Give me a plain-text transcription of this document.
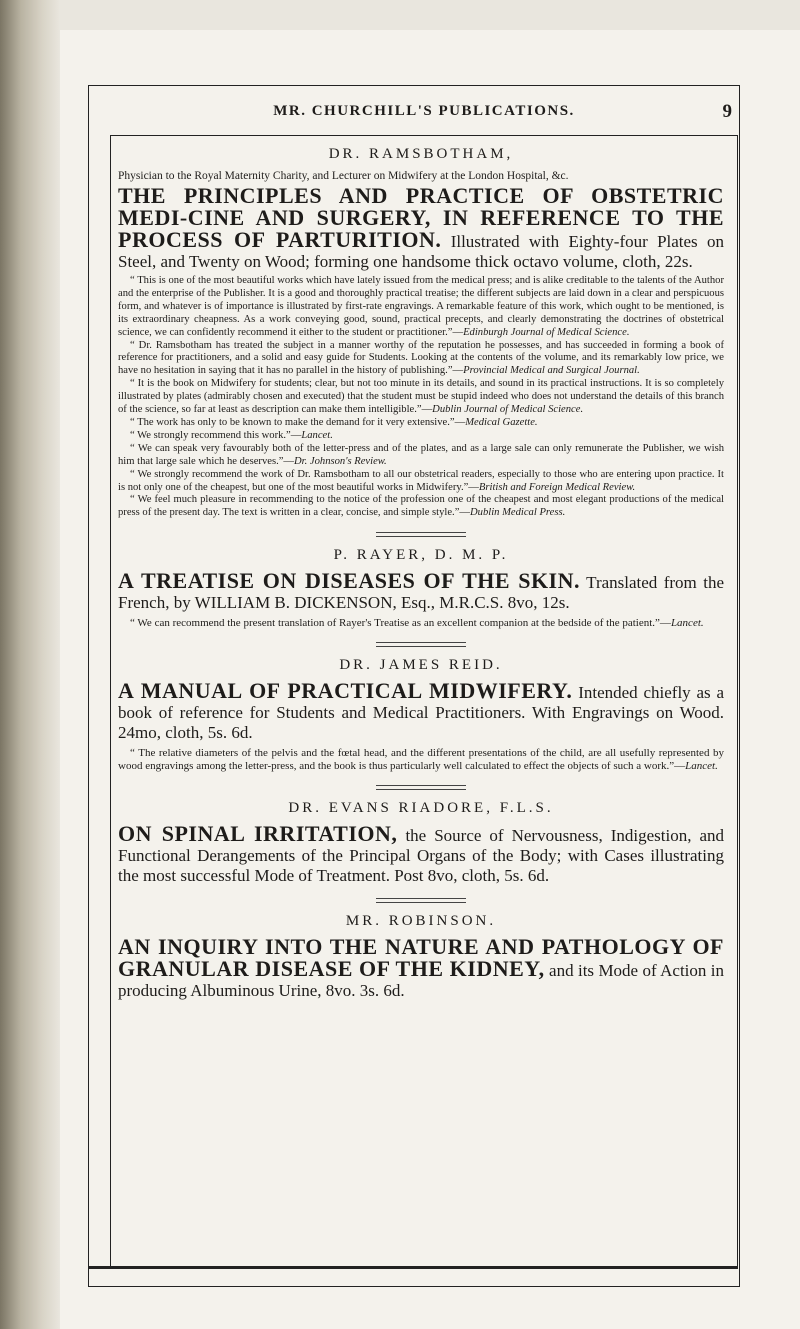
MR. CHURCHILL'S PUBLICATIONS.	9
DR. RAMSBOTHAM,
Physician to the Royal Maternity Charity, and Lecturer on Midwifery at the London Hospital, &c.
THE PRINCIPLES AND PRACTICE OF OBSTETRIC MEDI-CINE AND SURGERY, IN REFERENCE TO THE PROCESS OF PARTURITION. Illustrated with Eighty-four Plates on Steel, and Twenty on Wood; forming one handsome thick octavo volume, cloth, 22s.

“ This is one of the most beautiful works which have lately issued from the medical press; and is alike creditable to the talents of the Author and the enterprise of the Publisher. It is a good and thoroughly practical treatise; the different subjects are laid down in a clear and perspicuous form, and whatever is of importance is illustrated by first-rate engravings. A remarkable feature of this work, which ought to be mentioned, is its extraordinary cheapness. As a work conveying good, sound, practical precepts, and clearly demonstrating the doctrines of obstetrical science, we can confidently recommend it either to the student or practitioner.”—Edinburgh Journal of Medical Science.

“ Dr. Ramsbotham has treated the subject in a manner worthy of the reputation he possesses, and has succeeded in forming a book of reference for practitioners, and a solid and easy guide for Students. Looking at the contents of the volume, and its remarkably low price, we have no hesitation in saying that it has no parallel in the history of publishing.”—Provincial Medical and Surgical Journal.

“ It is the book on Midwifery for students; clear, but not too minute in its details, and sound in its practical instructions. It is so completely illustrated by plates (admirably chosen and executed) that the student must be stupid indeed who does not understand the details of this branch of the science, so far at least as description can make them intelligible.”—Dublin Journal of Medical Science.

“ The work has only to be known to make the demand for it very extensive.”—Medical Gazette.

“ We strongly recommend this work.”—Lancet.

“ We can speak very favourably both of the letter-press and of the plates, and as a large sale can only remunerate the Publisher, we wish him that large sale which he deserves.”—Dr. Johnson's Review.

“ We strongly recommend the work of Dr. Ramsbotham to all our obstetrical readers, especially to those who are entering upon practice. It is not only one of the cheapest, but one of the most beautiful works in Midwifery.”—British and Foreign Medical Review.

“ We feel much pleasure in recommending to the notice of the profession one of the cheapest and most elegant productions of the medical press of the present day. The text is written in a clear, concise, and simple style.”—Dublin Medical Press.

P. RAYER, D. M. P.
A TREATISE ON DISEASES OF THE SKIN. Translated from the French, by WILLIAM B. DICKENSON, Esq., M.R.C.S. 8vo, 12s.

“ We can recommend the present translation of Rayer's Treatise as an excellent companion at the bedside of the patient.”—Lancet.

DR. JAMES REID.
A MANUAL OF PRACTICAL MIDWIFERY. Intended chiefly as a book of reference for Students and Medical Practitioners. With Engravings on Wood. 24mo, cloth, 5s. 6d.

“ The relative diameters of the pelvis and the fœtal head, and the different presentations of the child, are all usefully represented by wood engravings among the letter-press, and the book is thus particularly well calculated to effect the objects of such a work.”—Lancet.

DR. EVANS RIADORE, F.L.S.
ON SPINAL IRRITATION, the Source of Nervousness, Indigestion, and Functional Derangements of the Principal Organs of the Body; with Cases illustrating the most successful Mode of Treatment. Post 8vo, cloth, 5s. 6d.
MR. ROBINSON.
AN INQUIRY INTO THE NATURE AND PATHOLOGY OF GRANULAR DISEASE OF THE KIDNEY, and its Mode of Action in producing Albuminous Urine, 8vo. 3s. 6d.
